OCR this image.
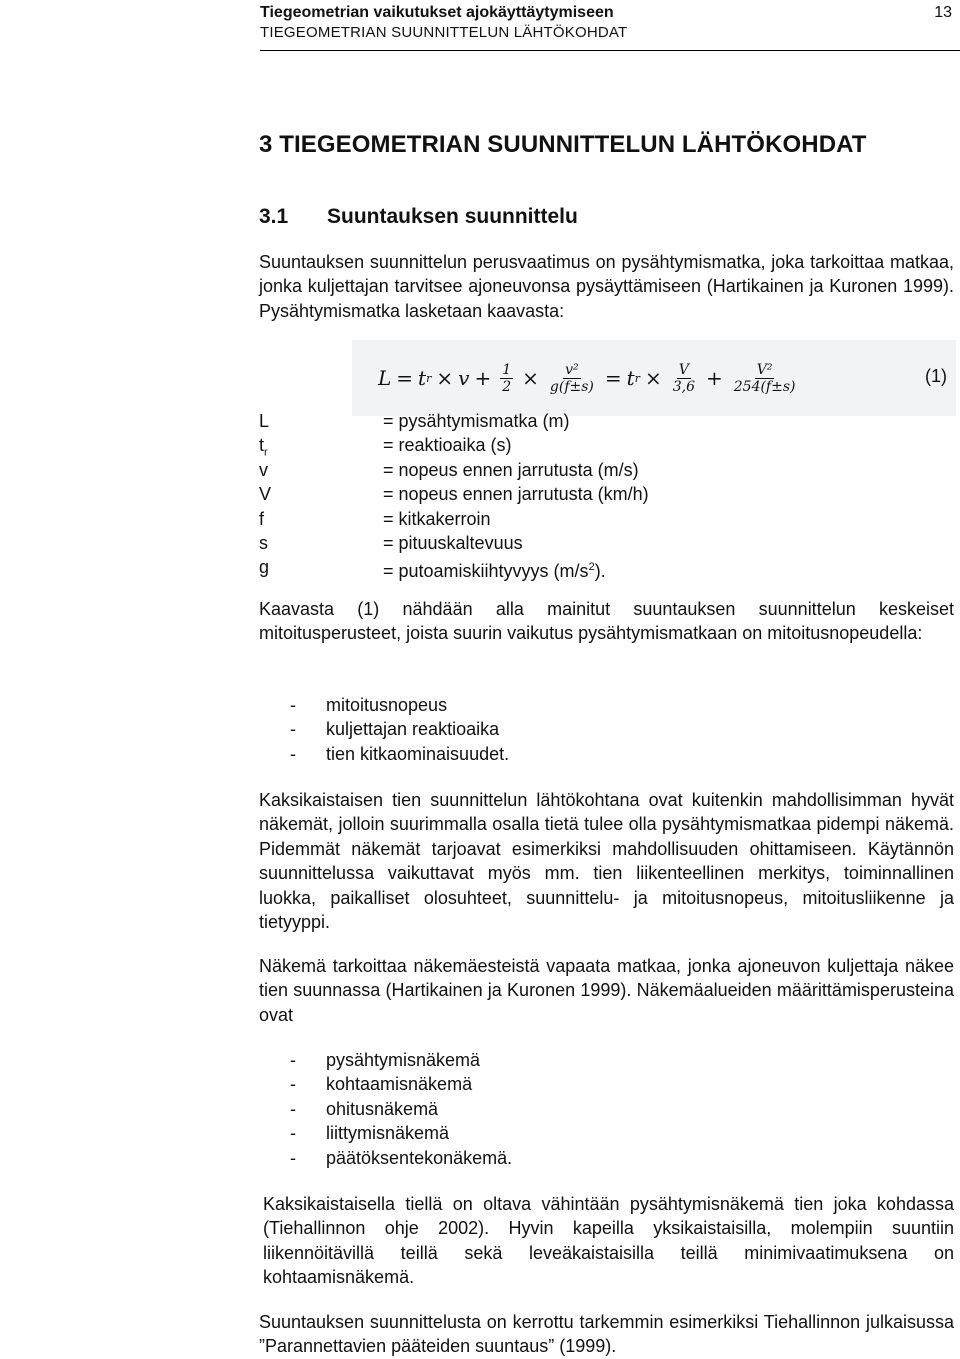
Tiegeometrian vaikutukset ajokäyttäytymiseen
TIEGEOMETRIAN SUUNNITTELUN LÄHTÖKOHDAT
13
3 TIEGEOMETRIAN SUUNNITTELUN LÄHTÖKOHDAT
3.1 Suuntauksen suunnittelu

Suuntauksen suunnittelun perusvaatimus on pysähtymismatka, joka tarkoittaa matkaa, jonka kuljettajan tarvitsee ajoneuvonsa pysäyttämiseen (Hartikainen ja Kuronen 1999). Pysähtymismatka lasketaan kaavasta:

L = t $r \times v + \frac{1}{2} \times \frac{\text{v²}}{g(f\pm s)} = t$ $r \times \frac{V}{3,6} + \frac{\text{V²}}{254(f\pm s)}$	(1)
L	= pysähtymismatka (m)
$t_r$	= reaktioaika (s)
v	= nopeus ennen jarrutusta (m/s)
V	= nopeus ennen jarrutusta (km/h)
f	= kitkakerroin
s	= pituuskaltevuus
g	= putoamiskiihtyvyys $(m/s^2)$.

Kaavasta (1) nähdään alla mainitut suuntauksen suunnittelun keskeiset mitoitusperusteet, joista suurin vaikutus pysähtymismatkaan on mitoitusnopeudella:

- mitoitusnopeus
- kuljettajan reaktioaika
- tien kitkaominaisuudet.

Kaksikaistaisen tien suunnittelun lähtökohtana ovat kuitenkin mahdollisimman hyvät näkemät, jolloin suurimmalla osalla tietä tulee olla pysähtymismatkaa pidempi näkemä. Pidemmät näkemät tarjoavat esimerkiksi mahdollisuuden ohittamiseen. Käytännön suunnittelussa vaikuttavat myös mm. tien liikenteellinen merkitys, toiminnallinen luokka, paikalliset olosuhteet, suunnittelu- ja mitoitusnopeus, mitoitusliikenne ja tietyyppi.

Näkemä tarkoittaa näkemäesteistä vapaata matkaa, jonka ajoneuvon kuljettaja näkee tien suunnassa (Hartikainen ja Kuronen 1999). Näkemäalueiden määrittämisperusteina ovat

- pysähtymisnäkemä
- kohtaamisnäkemä
- ohitusnäkemä
- liittymisnäkemä
- päätöksentekonäkemä.

Kaksikaistaisella tiellä on oltava vähintään pysähtymisnäkemä tien joka kohdassa (Tiehallinnon ohje 2002). Hyvin kapeilla yksikaistaisilla, molempiin suuntiin liikennöitävillä teillä sekä leveäkaistaisilla teillä minimivaatimuksena on kohtaamisnäkemä.

Suuntauksen suunnittelusta on kerrottu tarkemmin esimerkiksi Tiehallinnon julkaisussa ”Parannettavien pääteiden suuntaus” (1999).
